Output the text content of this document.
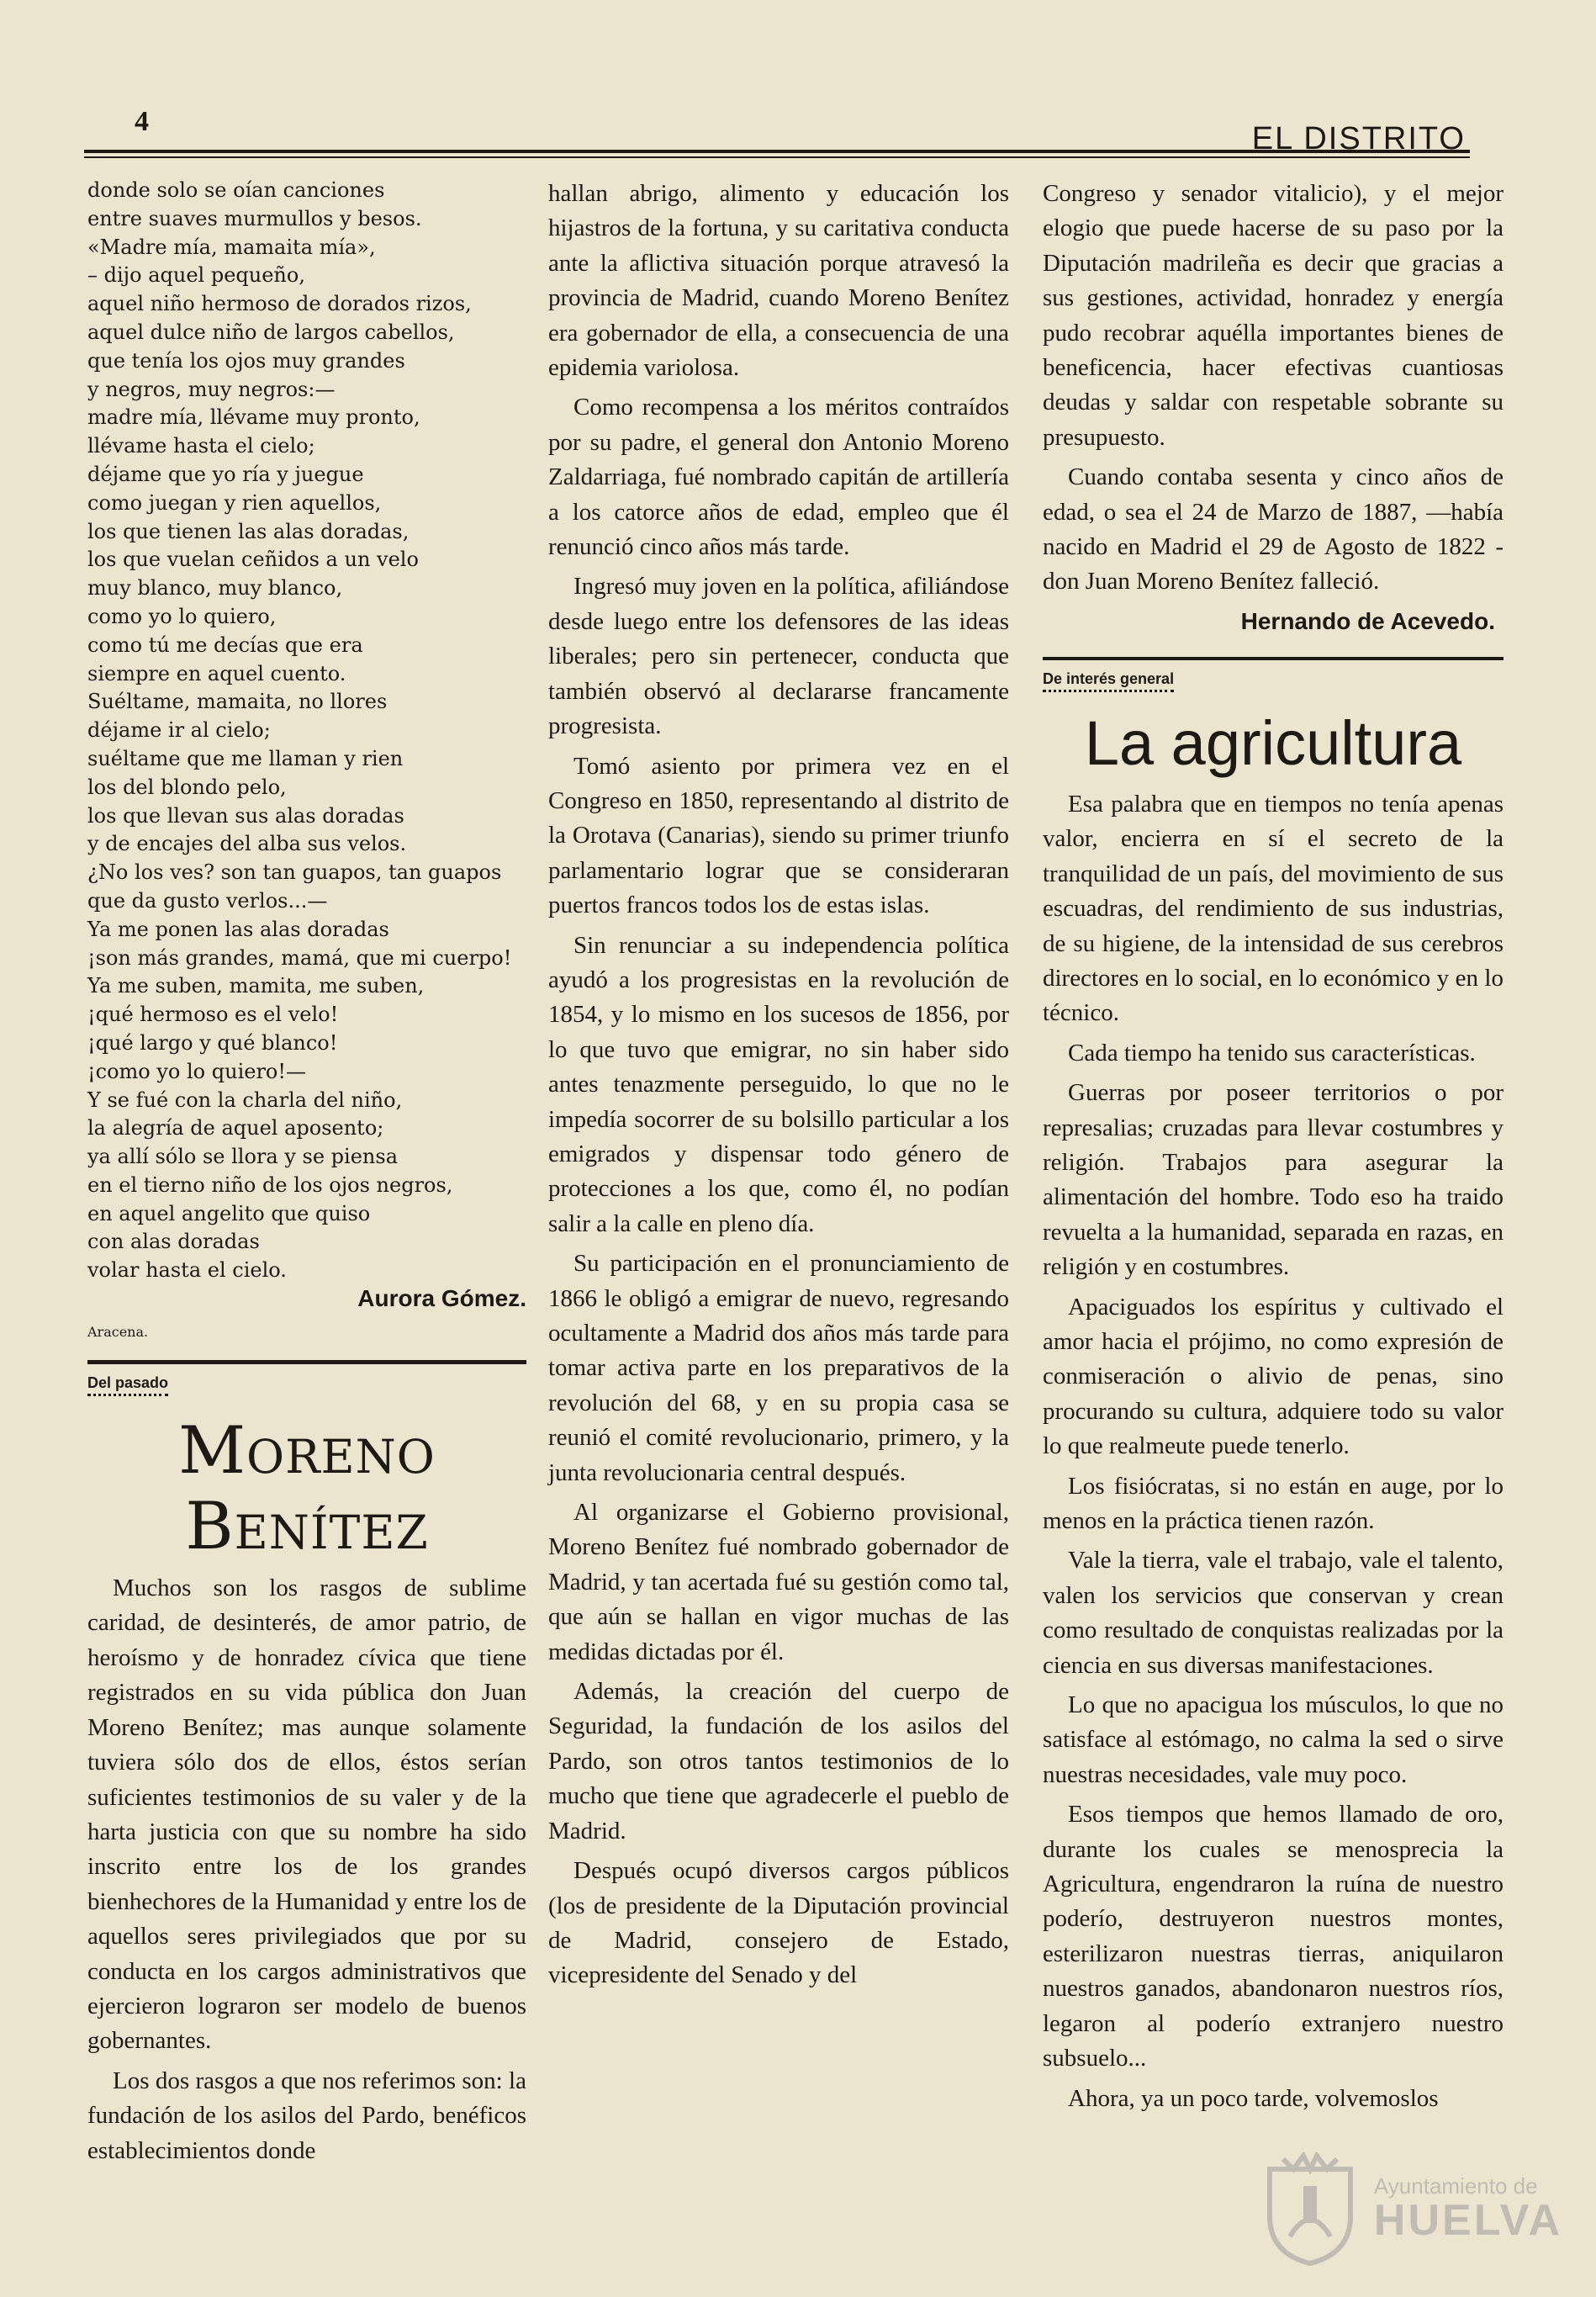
4	EL DISTRITO
donde solo se oían canciones
entre suaves murmullos y besos.
«Madre mía, mamaita mía»,
– dijo aquel pequeño,
aquel niño hermoso de dorados rizos,
aquel dulce niño de largos cabellos,
que tenía los ojos muy grandes
y negros, muy negros:—
madre mía, llévame muy pronto,
llévame hasta el cielo;
déjame que yo ría y juegue
como juegan y rien aquellos,
los que tienen las alas doradas,
los que vuelan ceñidos a un velo
muy blanco, muy blanco,
como yo lo quiero,
como tú me decías que era
siempre en aquel cuento.
Suéltame, mamaita, no llores
déjame ir al cielo;
suéltame que me llaman y rien
los del blondo pelo,
los que llevan sus alas doradas
y de encajes del alba sus velos.
¿No los ves? son tan guapos, tan guapos
que da gusto verlos...—
Ya me ponen las alas doradas
¡son más grandes, mamá, que mi cuerpo!
Ya me suben, mamita, me suben,
¡qué hermoso es el velo!
¡qué largo y qué blanco!
¡como yo lo quiero!—
Y se fué con la charla del niño,
la alegría de aquel aposento;
ya allí sólo se llora y se piensa
en el tierno niño de los ojos negros,
en aquel angelito que quiso
con alas doradas
volar hasta el cielo.
Aurora Gómez.
Aracena.
Del pasado
Moreno Benítez

Muchos son los rasgos de sublime caridad, de desinterés, de amor patrio, de heroísmo y de honradez cívica que tiene registrados en su vida pública don Juan Moreno Benítez; mas aunque solamente tuviera sólo dos de ellos, éstos serían suficientes testimonios de su valer y de la harta justicia con que su nombre ha sido inscrito entre los de los grandes bienhechores de la Humanidad y entre los de aquellos seres privilegiados que por su conducta en los cargos administrativos que ejercieron lograron ser modelo de buenos gobernantes.

Los dos rasgos a que nos referimos son: la fundación de los asilos del Pardo, benéficos establecimientos donde

hallan abrigo, alimento y educación los hijastros de la fortuna, y su caritativa conducta ante la aflictiva situación porque atravesó la provincia de Madrid, cuando Moreno Benítez era gobernador de ella, a consecuencia de una epidemia variolosa.

Como recompensa a los méritos contraídos por su padre, el general don Antonio Moreno Zaldarriaga, fué nombrado capitán de artillería a los catorce años de edad, empleo que él renunció cinco años más tarde.

Ingresó muy joven en la política, afiliándose desde luego entre los defensores de las ideas liberales; pero sin pertenecer, conducta que también observó al declararse francamente progresista.

Tomó asiento por primera vez en el Congreso en 1850, representando al distrito de la Orotava (Canarias), siendo su primer triunfo parlamentario lograr que se consideraran puertos francos todos los de estas islas.

Sin renunciar a su independencia política ayudó a los progresistas en la revolución de 1854, y lo mismo en los sucesos de 1856, por lo que tuvo que emigrar, no sin haber sido antes tenazmente perseguido, lo que no le impedía socorrer de su bolsillo particular a los emigrados y dispensar todo género de protecciones a los que, como él, no podían salir a la calle en pleno día.

Su participación en el pronunciamiento de 1866 le obligó a emigrar de nuevo, regresando ocultamente a Madrid dos años más tarde para tomar activa parte en los preparativos de la revolución del 68, y en su propia casa se reunió el comité revolucionario, primero, y la junta revolucionaria central después.

Al organizarse el Gobierno provisional, Moreno Benítez fué nombrado gobernador de Madrid, y tan acertada fué su gestión como tal, que aún se hallan en vigor muchas de las medidas dictadas por él.

Además, la creación del cuerpo de Seguridad, la fundación de los asilos del Pardo, son otros tantos testimonios de lo mucho que tiene que agradecerle el pueblo de Madrid.

Después ocupó diversos cargos públicos (los de presidente de la Diputación provincial de Madrid, consejero de Estado, vicepresidente del Senado y del

Congreso y senador vitalicio), y el mejor elogio que puede hacerse de su paso por la Diputación madrileña es decir que gracias a sus gestiones, actividad, honradez y energía pudo recobrar aquélla importantes bienes de beneficencia, hacer efectivas cuantiosas deudas y saldar con respetable sobrante su presupuesto.

Cuando contaba sesenta y cinco años de edad, o sea el 24 de Marzo de 1887, —había nacido en Madrid el 29 de Agosto de 1822 - don Juan Moreno Benítez falleció.

Hernando de Acevedo.
De interés general
La agricultura

Esa palabra que en tiempos no tenía apenas valor, encierra en sí el secreto de la tranquilidad de un país, del movimiento de sus escuadras, del rendimiento de sus industrias, de su higiene, de la intensidad de sus cerebros directores en lo social, en lo económico y en lo técnico.

Cada tiempo ha tenido sus características.

Guerras por poseer territorios o por represalias; cruzadas para llevar costumbres y religión. Trabajos para asegurar la alimentación del hombre. Todo eso ha traido revuelta a la humanidad, separada en razas, en religión y en costumbres.

Apaciguados los espíritus y cultivado el amor hacia el prójimo, no como expresión de conmiseración o alivio de penas, sino procurando su cultura, adquiere todo su valor lo que realmeute puede tenerlo.

Los fisiócratas, si no están en auge, por lo menos en la práctica tienen razón.

Vale la tierra, vale el trabajo, vale el talento, valen los servicios que conservan y crean como resultado de conquistas realizadas por la ciencia en sus diversas manifestaciones.

Lo que no apacigua los músculos, lo que no satisface al estómago, no calma la sed o sirve nuestras necesidades, vale muy poco.

Esos tiempos que hemos llamado de oro, durante los cuales se menosprecia la Agricultura, engendraron la ruína de nuestro poderío, destruyeron nuestros montes, esterilizaron nuestras tierras, aniquilaron nuestros ganados, abandonaron nuestros ríos, legaron al poderío extranjero nuestro subsuelo...

Ahora, ya un poco tarde, volvemoslos

Ayuntamiento de
HUELVA
